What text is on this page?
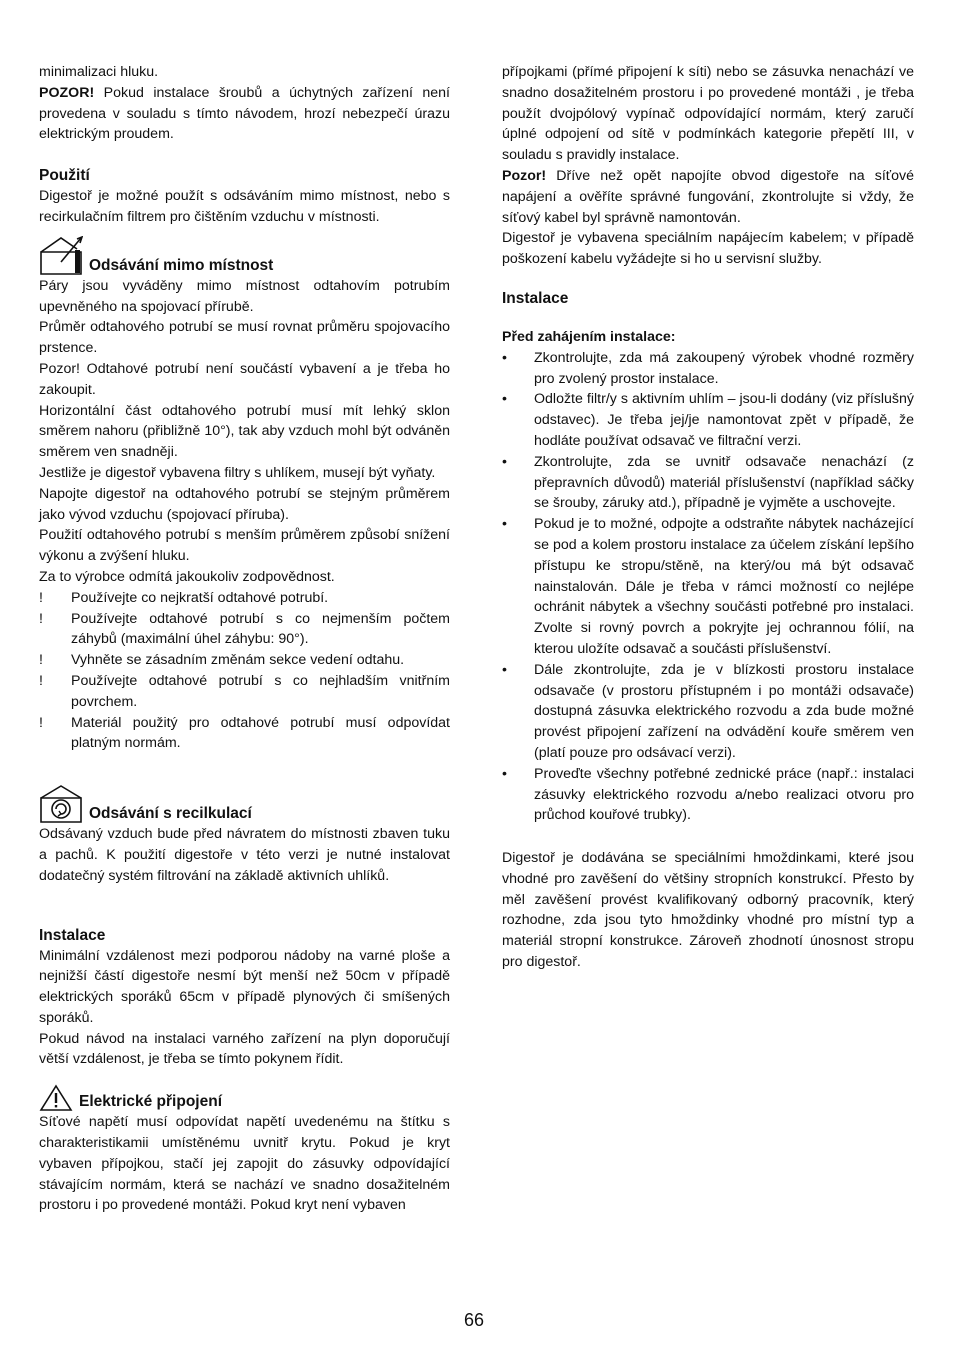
minimalizaci hluku.

POZOR! Pokud instalace šroubů a úchytných zařízení není provedena v souladu s tímto návodem, hrozí nebezpečí úrazu elektrickým proudem.

Použití

Digestoř je možné použít s odsáváním mimo místnost, nebo s recirkulačním filtrem pro čištěním vzduchu v místnosti.

Odsávání mimo místnost

Páry jsou vyváděny mimo místnost odtahovím potrubím upevněného na spojovací přírubě.

Průměr odtahového potrubí se musí rovnat průměru spojovacího prstence.

Pozor! Odtahové potrubí není součástí vybavení a je třeba ho zakoupit.

Horizontální část odtahového potrubí musí mít lehký sklon směrem nahoru (přibližně 10°), tak aby vzduch mohl být odváněn směrem ven snadněji.

Jestliže je digestoř vybavena filtry s uhlíkem, musejí být vyňaty.

Napojte digestoř na odtahového potrubí se stejným průměrem jako vývod vzduchu (spojovací příruba).

Použití odtahového potrubí s menším průměrem způsobí snížení výkonu a zvýšení hluku.

Za to výrobce odmítá jakoukoliv zodpovědnost.

!	Používejte co nejkratší odtahové potrubí.
!	Používejte odtahové potrubí s co nejmenším počtem záhybů (maximální úhel záhybu: 90°).
!	Vyhněte se zásadním změnám sekce vedení odtahu.
!	Používejte odtahové potrubí s co nejhladším vnitřním povrchem.
!	Materiál použitý pro odtahové potrubí musí odpovídat platným normám.
Odsávání s recilkulací

Odsávaný vzduch bude před návratem do místnosti zbaven tuku a pachů. K použití digestoře v této verzi je nutné instalovat dodatečný systém filtrování na základě aktivních uhlíků.

Instalace

Minimální vzdálenost mezi podporou nádoby na varné ploše a nejnižší částí digestoře nesmí být menší než 50cm v případě elektrických sporáků 65cm v případě plynových či smíšených sporáků.

Pokud návod na instalaci varného zařízení na plyn doporučují větší vzdálenost, je třeba se tímto pokynem řídit.

Elektrické připojení

Síťové napětí musí odpovídat napětí uvedenému na štítku s charakteristikamii umístěnému uvnitř krytu. Pokud je kryt vybaven přípojkou, stačí jej zapojit do zásuvky odpovídající stávajícím normám, která se nachází ve snadno dosažitelném prostoru i po provedené montáži. Pokud kryt není vybaven

přípojkami (přímé připojení k síti) nebo se zásuvka nenachází ve snadno dosažitelném prostoru i po provedené montáži , je třeba použít dvojpólový vypínač odpovídající normám, který zaručí úplné odpojení od sítě v podmínkách kategorie přepětí III, v souladu s pravidly instalace.

Pozor! Dříve než opět napojíte obvod digestoře na síťové napájení a ověříte správné fungování, zkontrolujte si vždy, že síťový kabel byl správně namontován.

Digestoř je vybavena speciálním napájecím kabelem; v případě poškození kabelu vyžádejte si ho u servisní služby.

Instalace

Před zahájením instalace:

•	Zkontrolujte, zda má zakoupený výrobek vhodné rozměry pro zvolený prostor instalace.
•	Odložte filtr/y s aktivním uhlím – jsou-li dodány (viz příslušný odstavec). Je třeba jej/je namontovat zpět v případě, že hodláte používat odsavač ve filtrační verzi.
•	Zkontrolujte, zda se uvnitř odsavače nenachází (z přepravních důvodů) materiál příslušenství (například sáčky se šrouby, záruky atd.), případně je vyjměte a uschovejte.
•	Pokud je to možné, odpojte a odstraňte nábytek nacházející se pod a kolem prostoru instalace za účelem získání lepšího přístupu ke stropu/stěně, na který/ou má být odsavač nainstalován. Dále je třeba v rámci možností co nejlépe ochránit nábytek a všechny součásti potřebné pro instalaci. Zvolte si rovný povrch a pokryjte jej ochrannou fólií, na kterou uložíte odsavač a součásti příslušenství.
•	Dále zkontrolujte, zda je v blízkosti prostoru instalace odsavače (v prostoru přístupném i po montáži odsavače) dostupná zásuvka elektrického rozvodu a zda bude možné provést připojení zařízení na odvádění kouře směrem ven (platí pouze pro odsávací verzi).
•	Proveďte všechny potřebné zednické práce (např.: instalaci zásuvky elektrického rozvodu a/nebo realizaci otvoru pro průchod kouřové trubky).

Digestoř je dodávána se speciálními hmoždinkami, které jsou vhodné pro zavěšení do většiny stropních konstrukcí. Přesto by měl zavěšení provést kvalifikovaný odborný pracovník, který rozhodne, zda jsou tyto hmoždinky vhodné pro místní typ a materiál stropní konstrukce. Zároveň zhodnotí únosnost stropu pro digestoř.

66
